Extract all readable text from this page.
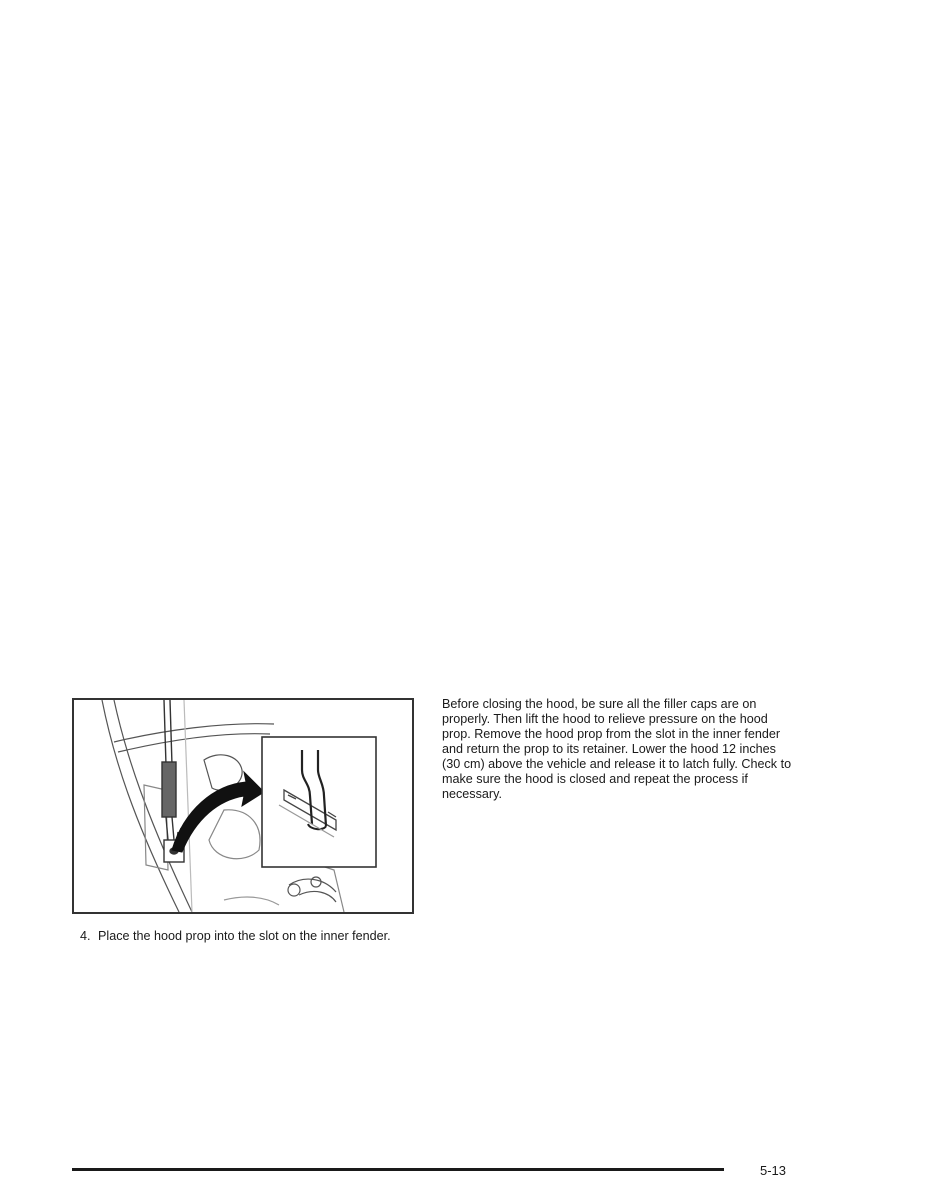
4. Place the hood prop into the slot on the inner fender.

Before closing the hood, be sure all the filler caps are on properly. Then lift the hood to relieve pressure on the hood prop. Remove the hood prop from the slot in the inner fender and return the prop to its retainer. Lower the hood 12 inches (30 cm) above the vehicle and release it to latch fully. Check to make sure the hood is closed and repeat the process if necessary.

5-13
